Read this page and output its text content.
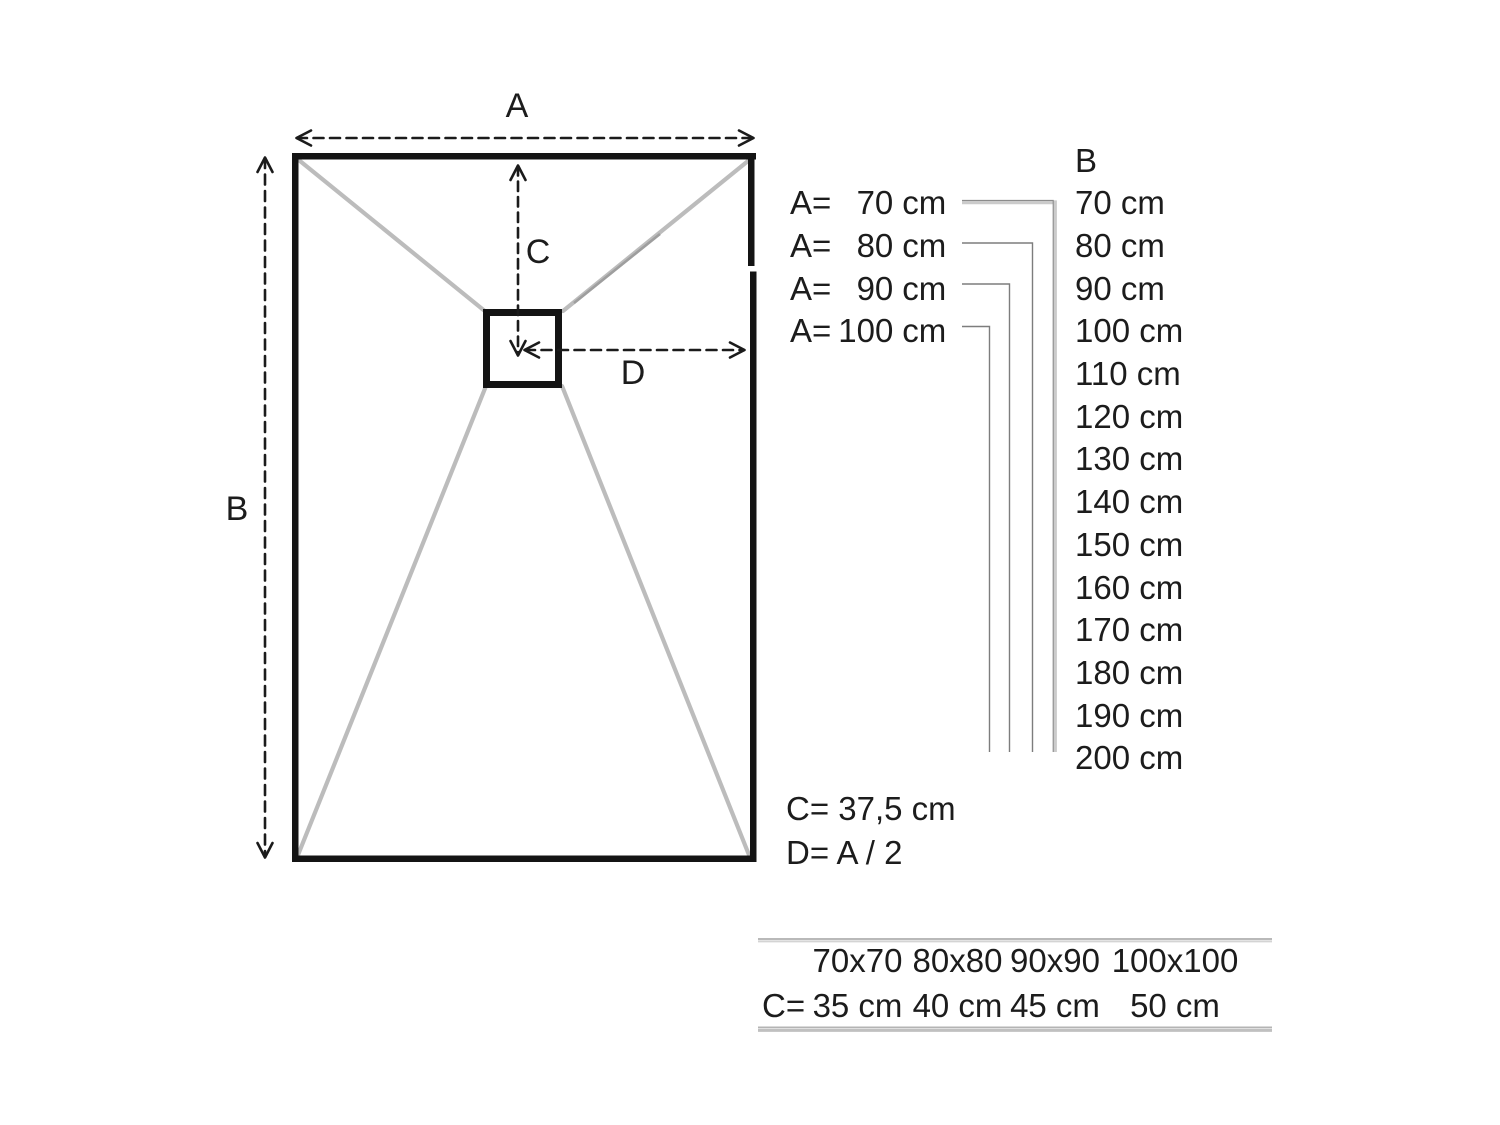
A
B
C
D
A= 70 cm
A= 80 cm
A= 90 cm
A= 100 cm
B
70 cm
80 cm
90 cm
100 cm
110 cm
120 cm
130 cm
140 cm
150 cm
160 cm
170 cm
180 cm
190 cm
200 cm
C= 37,5 cm
D= A / 2
70x70 80x80 90x90 100x100
C= 35 cm 40 cm 45 cm 50 cm
